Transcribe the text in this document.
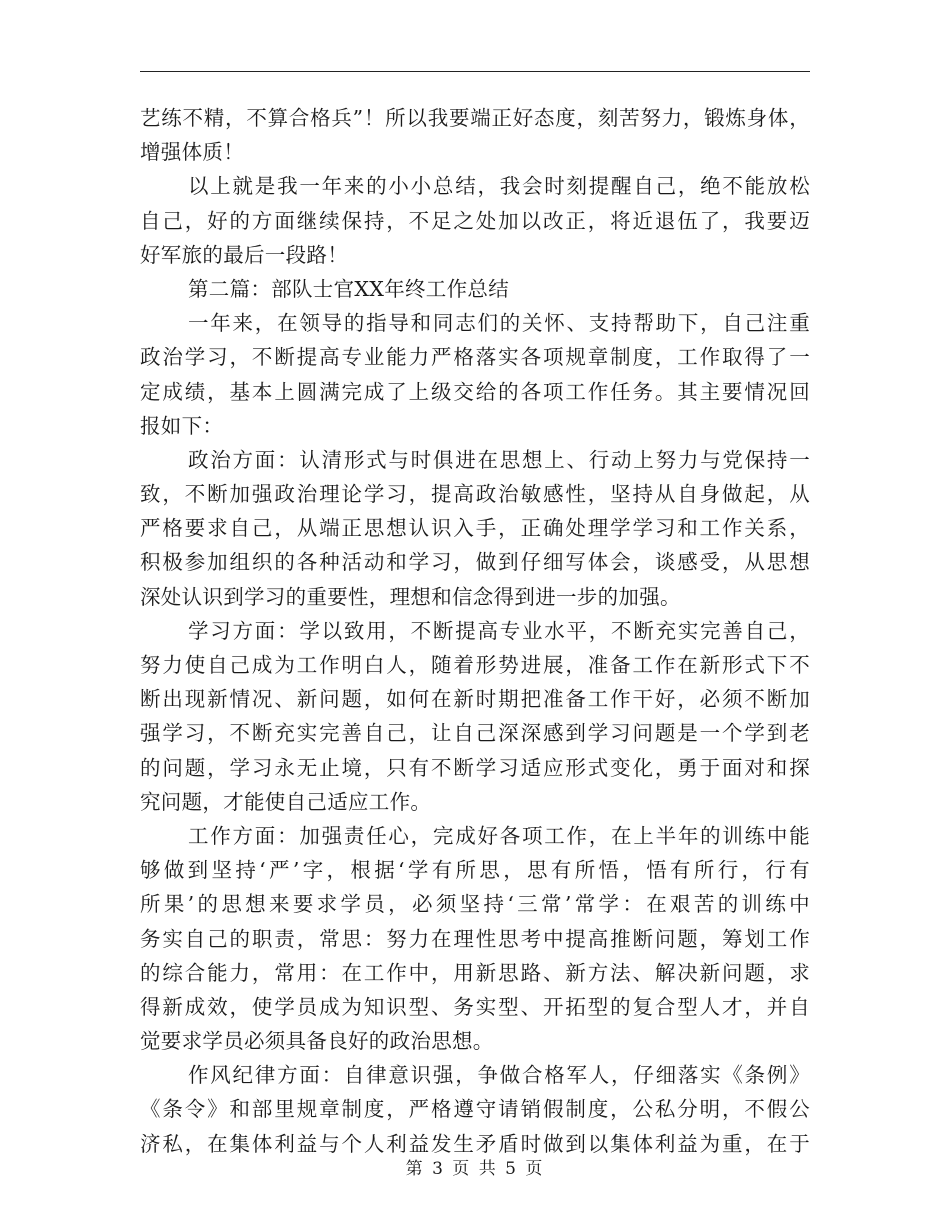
艺练不精，不算合格兵”！所以我要端正好态度，刻苦努力，锻炼身体，
增强体质！
以上就是我一年来的小小总结，我会时刻提醒自己，绝不能放松
自己，好的方面继续保持，不足之处加以改正，将近退伍了，我要迈
好军旅的最后一段路！
第二篇：部队士官XX年终工作总结
一年来，在领导的指导和同志们的关怀、支持帮助下，自己注重
政治学习，不断提高专业能力严格落实各项规章制度，工作取得了一
定成绩，基本上圆满完成了上级交给的各项工作任务。其主要情况回
报如下：
政治方面：认清形式与时俱进在思想上、行动上努力与党保持一
致，不断加强政治理论学习，提高政治敏感性，坚持从自身做起，从
严格要求自己，从端正思想认识入手，正确处理学学习和工作关系，
积极参加组织的各种活动和学习，做到仔细写体会，谈感受，从思想
深处认识到学习的重要性，理想和信念得到进一步的加强。
学习方面：学以致用，不断提高专业水平，不断充实完善自己，
努力使自己成为工作明白人，随着形势进展，准备工作在新形式下不
断出现新情况、新问题，如何在新时期把准备工作干好，必须不断加
强学习，不断充实完善自己，让自己深深感到学习问题是一个学到老
的问题，学习永无止境，只有不断学习适应形式变化，勇于面对和探
究问题，才能使自己适应工作。
工作方面：加强责任心，完成好各项工作，在上半年的训练中能
够做到坚持‘严’字，根据‘学有所思，思有所悟，悟有所行，行有
所果’的思想来要求学员，必须坚持‘三常’常学：在艰苦的训练中
务实自己的职责，常思：努力在理性思考中提高推断问题，筹划工作
的综合能力，常用：在工作中，用新思路、新方法、解决新问题，求
得新成效，使学员成为知识型、务实型、开拓型的复合型人才，并自
觉要求学员必须具备良好的政治思想。
作风纪律方面：自律意识强，争做合格军人，仔细落实《条例》
《条令》和部里规章制度，严格遵守请销假制度，公私分明，不假公
济私，在集体利益与个人利益发生矛盾时做到以集体利益为重，在于
第 3 页 共 5 页
